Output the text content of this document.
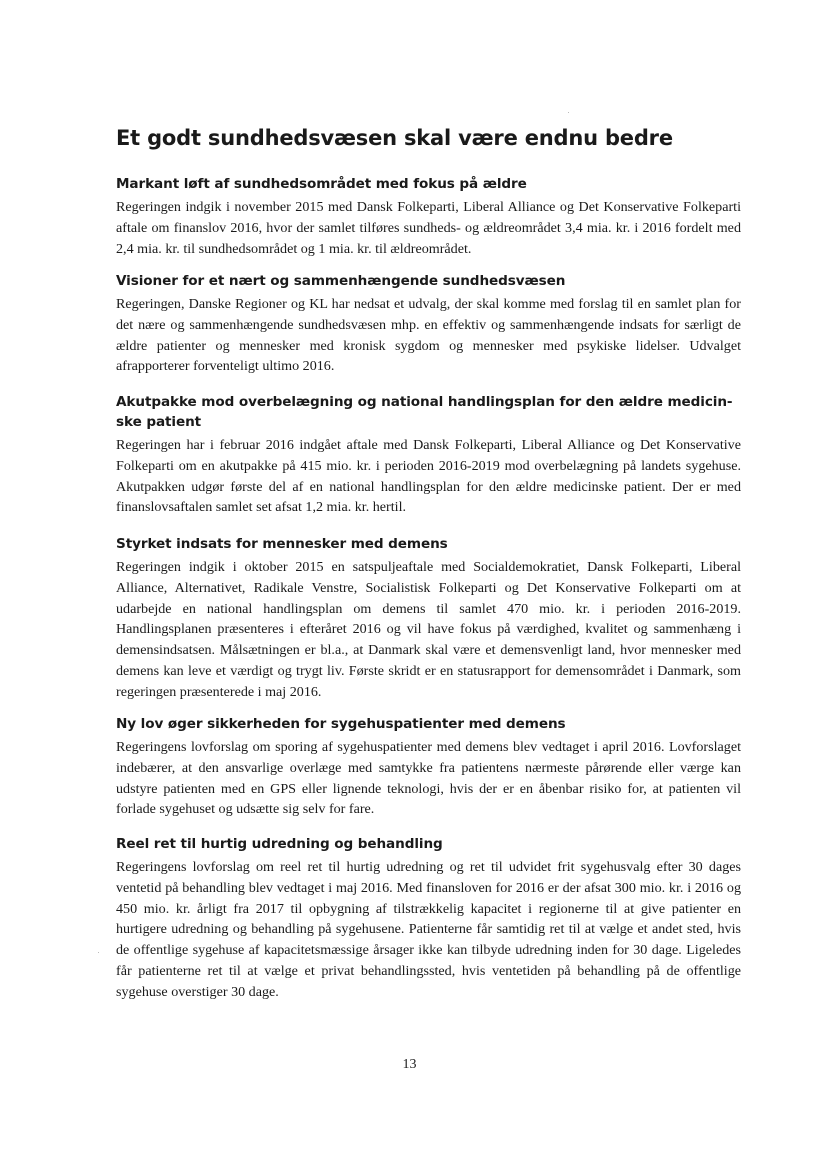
Et godt sundhedsvæsen skal være endnu bedre
Markant løft af sundhedsområdet med fokus på ældre

Regeringen indgik i november 2015 med Dansk Folkeparti, Liberal Alliance og Det Konservative Folkeparti aftale om finanslov 2016, hvor der samlet tilføres sundheds- og ældreområdet 3,4 mia. kr. i 2016 fordelt med 2,4 mia. kr. til sundhedsområdet og 1 mia. kr. til ældreområdet.

Visioner for et nært og sammenhængende sundhedsvæsen

Regeringen, Danske Regioner og KL har nedsat et udvalg, der skal komme med forslag til en samlet plan for det nære og sammenhængende sundhedsvæsen mhp. en effektiv og sammenhængende indsats for særligt de ældre patienter og mennesker med kronisk sygdom og mennesker med psykiske lidelser. Udvalget afrapporterer forventeligt ultimo 2016.

Akutpakke mod overbelægning og national handlingsplan for den ældre medicinske patient

Regeringen har i februar 2016 indgået aftale med Dansk Folkeparti, Liberal Alliance og Det Konservative Folkeparti om en akutpakke på 415 mio. kr. i perioden 2016-2019 mod overbelægning på landets sygehuse. Akutpakken udgør første del af en national handlingsplan for den ældre medicinske patient. Der er med finanslovsaftalen samlet set afsat 1,2 mia. kr. hertil.

Styrket indsats for mennesker med demens

Regeringen indgik i oktober 2015 en satspuljeaftale med Socialdemokratiet, Dansk Folkeparti, Liberal Alliance, Alternativet, Radikale Venstre, Socialistisk Folkeparti og Det Konservative Folkeparti om at udarbejde en national handlingsplan om demens til samlet 470 mio. kr. i perioden 2016-2019. Handlingsplanen præsenteres i efteråret 2016 og vil have fokus på værdighed, kvalitet og sammenhæng i demensindsatsen. Målsætningen er bl.a., at Danmark skal være et demensvenligt land, hvor mennesker med demens kan leve et værdigt og trygt liv. Første skridt er en statusrapport for demensområdet i Danmark, som regeringen præsenterede i maj 2016.

Ny lov øger sikkerheden for sygehuspatienter med demens

Regeringens lovforslag om sporing af sygehuspatienter med demens blev vedtaget i april 2016. Lovforslaget indebærer, at den ansvarlige overlæge med samtykke fra patientens nærmeste pårørende eller værge kan udstyre patienten med en GPS eller lignende teknologi, hvis der er en åbenbar risiko for, at patienten vil forlade sygehuset og udsætte sig selv for fare.

Reel ret til hurtig udredning og behandling

Regeringens lovforslag om reel ret til hurtig udredning og ret til udvidet frit sygehusvalg efter 30 dages ventetid på behandling blev vedtaget i maj 2016. Med finansloven for 2016 er der afsat 300 mio. kr. i 2016 og 450 mio. kr. årligt fra 2017 til opbygning af tilstrækkelig kapacitet i regionerne til at give patienter en hurtigere udredning og behandling på sygehusene. Patienterne får samtidig ret til at vælge et andet sted, hvis de offentlige sygehuse af kapacitetsmæssige årsager ikke kan tilbyde udredning inden for 30 dage. Ligeledes får patienterne ret til at vælge et privat behandlingssted, hvis ventetiden på behandling på de offentlige sygehuse overstiger 30 dage.

13
